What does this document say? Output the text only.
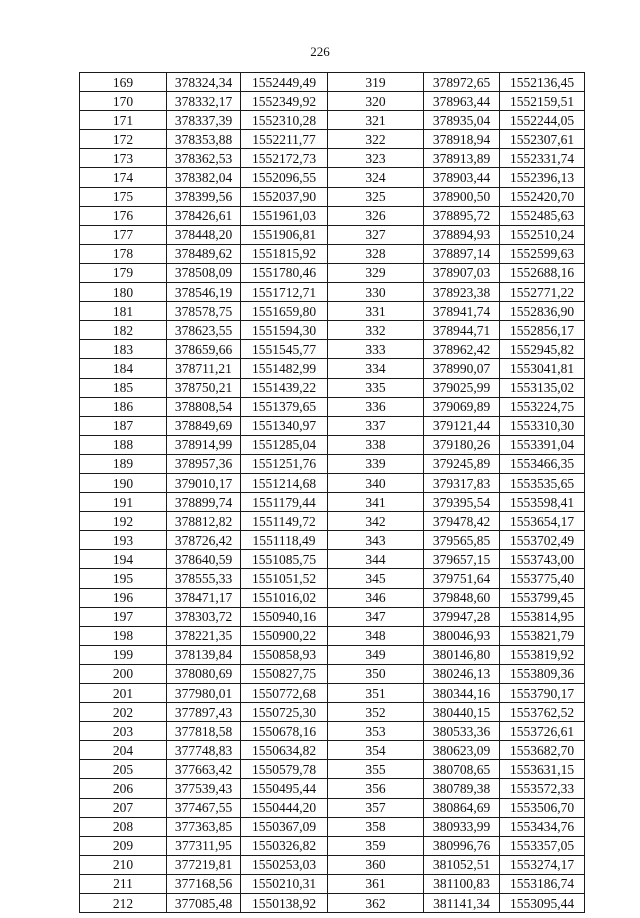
226
169	378324,34	1552449,49	319	378972,65	1552136,45
170	378332,17	1552349,92	320	378963,44	1552159,51
171	378337,39	1552310,28	321	378935,04	1552244,05
172	378353,88	1552211,77	322	378918,94	1552307,61
173	378362,53	1552172,73	323	378913,89	1552331,74
174	378382,04	1552096,55	324	378903,44	1552396,13
175	378399,56	1552037,90	325	378900,50	1552420,70
176	378426,61	1551961,03	326	378895,72	1552485,63
177	378448,20	1551906,81	327	378894,93	1552510,24
178	378489,62	1551815,92	328	378897,14	1552599,63
179	378508,09	1551780,46	329	378907,03	1552688,16
180	378546,19	1551712,71	330	378923,38	1552771,22
181	378578,75	1551659,80	331	378941,74	1552836,90
182	378623,55	1551594,30	332	378944,71	1552856,17
183	378659,66	1551545,77	333	378962,42	1552945,82
184	378711,21	1551482,99	334	378990,07	1553041,81
185	378750,21	1551439,22	335	379025,99	1553135,02
186	378808,54	1551379,65	336	379069,89	1553224,75
187	378849,69	1551340,97	337	379121,44	1553310,30
188	378914,99	1551285,04	338	379180,26	1553391,04
189	378957,36	1551251,76	339	379245,89	1553466,35
190	379010,17	1551214,68	340	379317,83	1553535,65
191	378899,74	1551179,44	341	379395,54	1553598,41
192	378812,82	1551149,72	342	379478,42	1553654,17
193	378726,42	1551118,49	343	379565,85	1553702,49
194	378640,59	1551085,75	344	379657,15	1553743,00
195	378555,33	1551051,52	345	379751,64	1553775,40
196	378471,17	1551016,02	346	379848,60	1553799,45
197	378303,72	1550940,16	347	379947,28	1553814,95
198	378221,35	1550900,22	348	380046,93	1553821,79
199	378139,84	1550858,93	349	380146,80	1553819,92
200	378080,69	1550827,75	350	380246,13	1553809,36
201	377980,01	1550772,68	351	380344,16	1553790,17
202	377897,43	1550725,30	352	380440,15	1553762,52
203	377818,58	1550678,16	353	380533,36	1553726,61
204	377748,83	1550634,82	354	380623,09	1553682,70
205	377663,42	1550579,78	355	380708,65	1553631,15
206	377539,43	1550495,44	356	380789,38	1553572,33
207	377467,55	1550444,20	357	380864,69	1553506,70
208	377363,85	1550367,09	358	380933,99	1553434,76
209	377311,95	1550326,82	359	380996,76	1553357,05
210	377219,81	1550253,03	360	381052,51	1553274,17
211	377168,56	1550210,31	361	381100,83	1553186,74
212	377085,48	1550138,92	362	381141,34	1553095,44
